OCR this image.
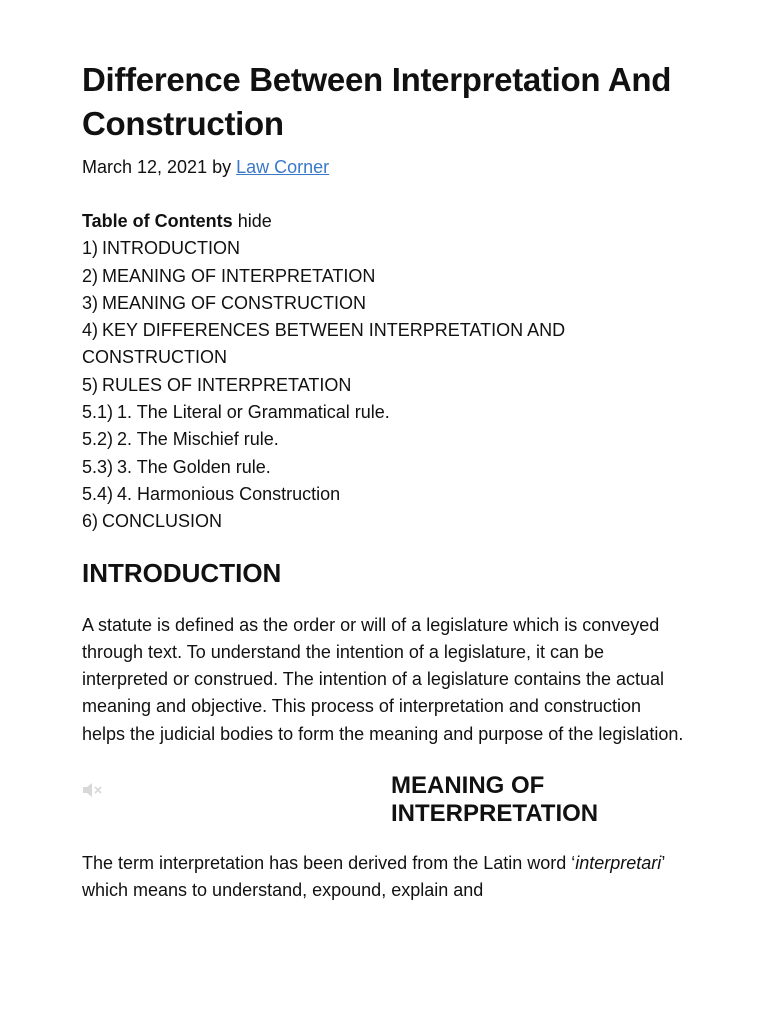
Difference Between Interpretation And Construction
March 12, 2021 by Law Corner
Table of Contents hide
1) INTRODUCTION
2) MEANING OF INTERPRETATION
3) MEANING OF CONSTRUCTION
4) KEY DIFFERENCES BETWEEN INTERPRETATION AND CONSTRUCTION
5) RULES OF INTERPRETATION
5.1) 1. The Literal or Grammatical rule.
5.2) 2. The Mischief rule.
5.3) 3. The Golden rule.
5.4) 4. Harmonious Construction
6) CONCLUSION
INTRODUCTION

A statute is defined as the order or will of a legislature which is conveyed through text. To understand the intention of a legislature, it can be interpreted or construed. The intention of a legislature contains the actual meaning and objective. This process of interpretation and construction helps the judicial bodies to form the meaning and purpose of the legislation.

MEANING OF INTERPRETATION

The term interpretation has been derived from the Latin word ‘interpretari’ which means to understand, expound, explain and
